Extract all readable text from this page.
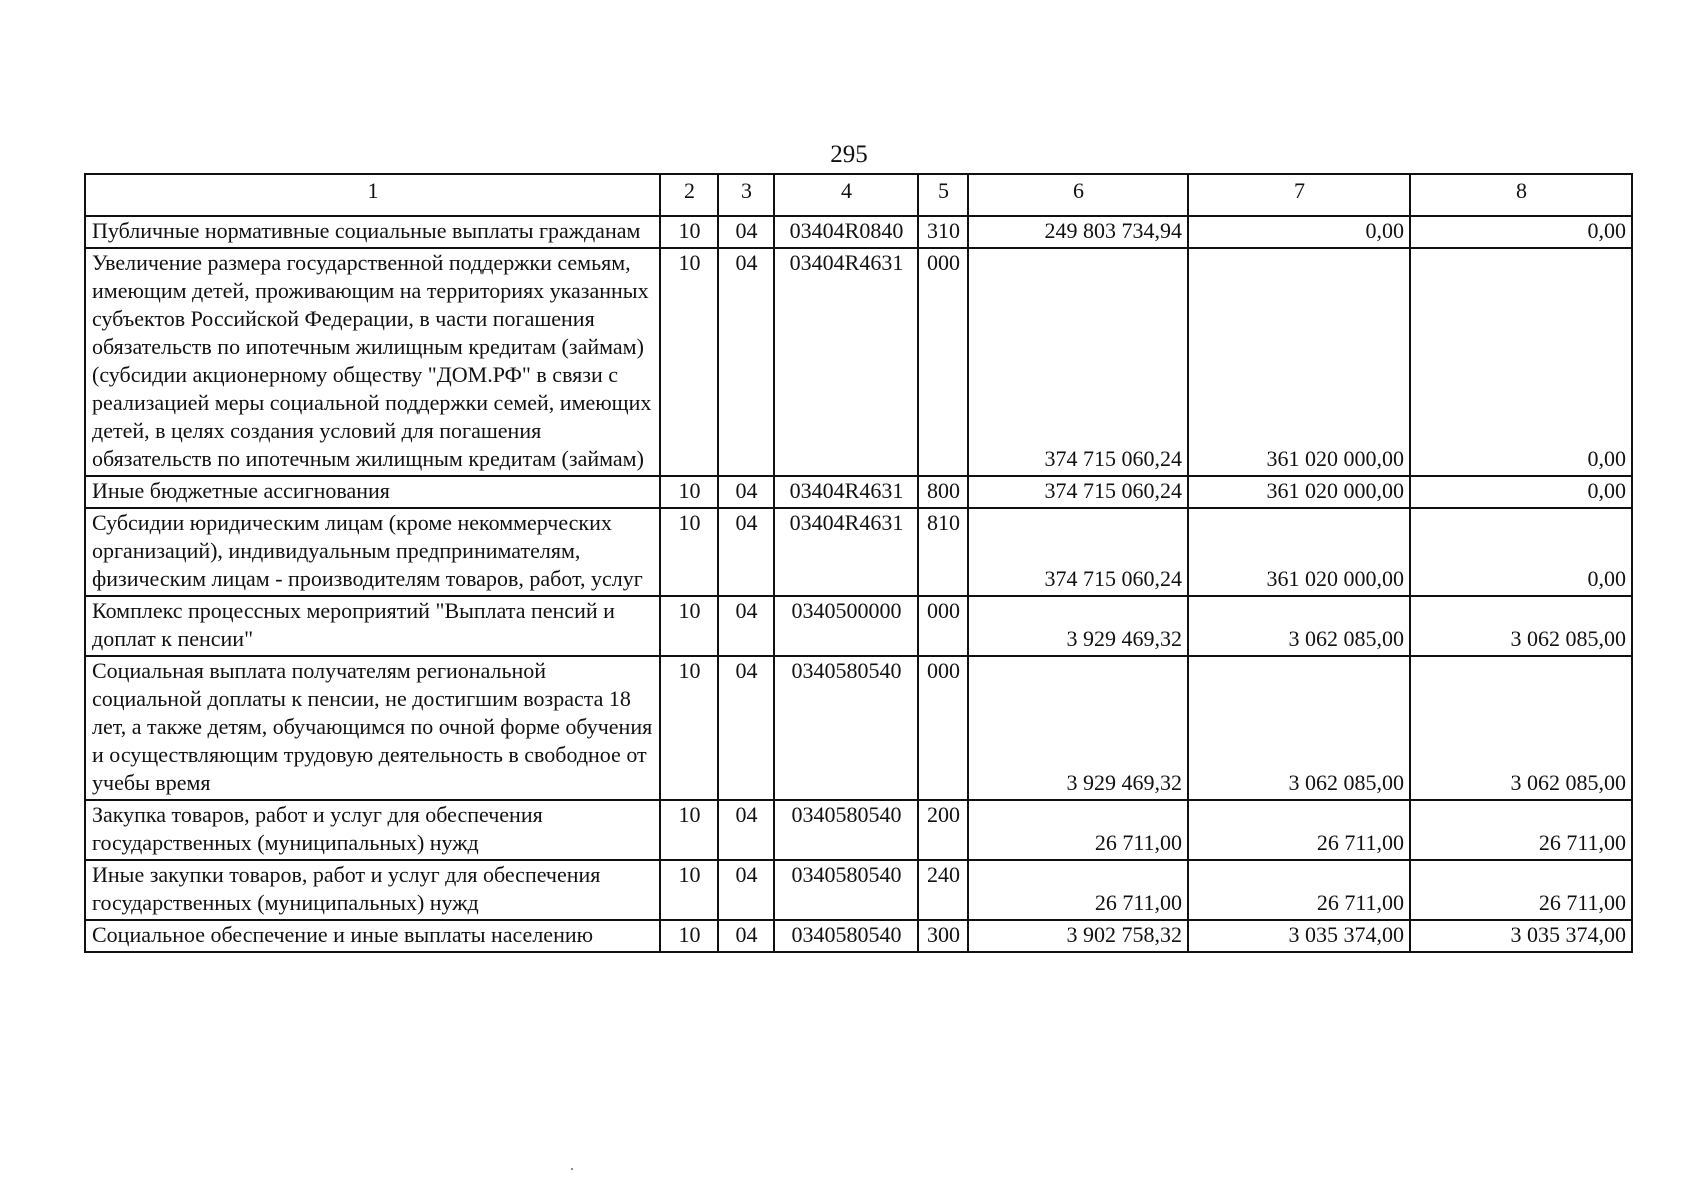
295
1	2	3	4	5	6	7	8
Публичные нормативные социальные выплаты гражданам	10	04	03404R0840	310	249 803 734,94	0,00	0,00
Увеличение размера государственной поддержки семьям, имеющим детей, проживающим на территориях указанных субъектов Российской Федерации, в части погашения обязательств по ипотечным жилищным кредитам (займам) (субсидии акционерному обществу "ДОМ.РФ" в связи с реализацией меры социальной поддержки семей, имеющих детей, в целях создания условий для погашения обязательств по ипотечным жилищным кредитам (займам)	10	04	03404R4631	000	374 715 060,24	361 020 000,00	0,00
Иные бюджетные ассигнования	10	04	03404R4631	800	374 715 060,24	361 020 000,00	0,00
Субсидии юридическим лицам (кроме некоммерческих организаций), индивидуальным предпринимателям, физическим лицам - производителям товаров, работ, услуг	10	04	03404R4631	810	374 715 060,24	361 020 000,00	0,00
Комплекс процессных мероприятий "Выплата пенсий и доплат к пенсии"	10	04	0340500000	000	3 929 469,32	3 062 085,00	3 062 085,00
Социальная выплата получателям региональной социальной доплаты к пенсии, не достигшим возраста 18 лет, а также детям, обучающимся по очной форме обучения и осуществляющим трудовую деятельность в свободное от учебы время	10	04	0340580540	000	3 929 469,32	3 062 085,00	3 062 085,00
Закупка товаров, работ и услуг для обеспечения государственных (муниципальных) нужд	10	04	0340580540	200	26 711,00	26 711,00	26 711,00
Иные закупки товаров, работ и услуг для обеспечения государственных (муниципальных) нужд	10	04	0340580540	240	26 711,00	26 711,00	26 711,00
Социальное обеспечение и иные выплаты населению	10	04	0340580540	300	3 902 758,32	3 035 374,00	3 035 374,00
